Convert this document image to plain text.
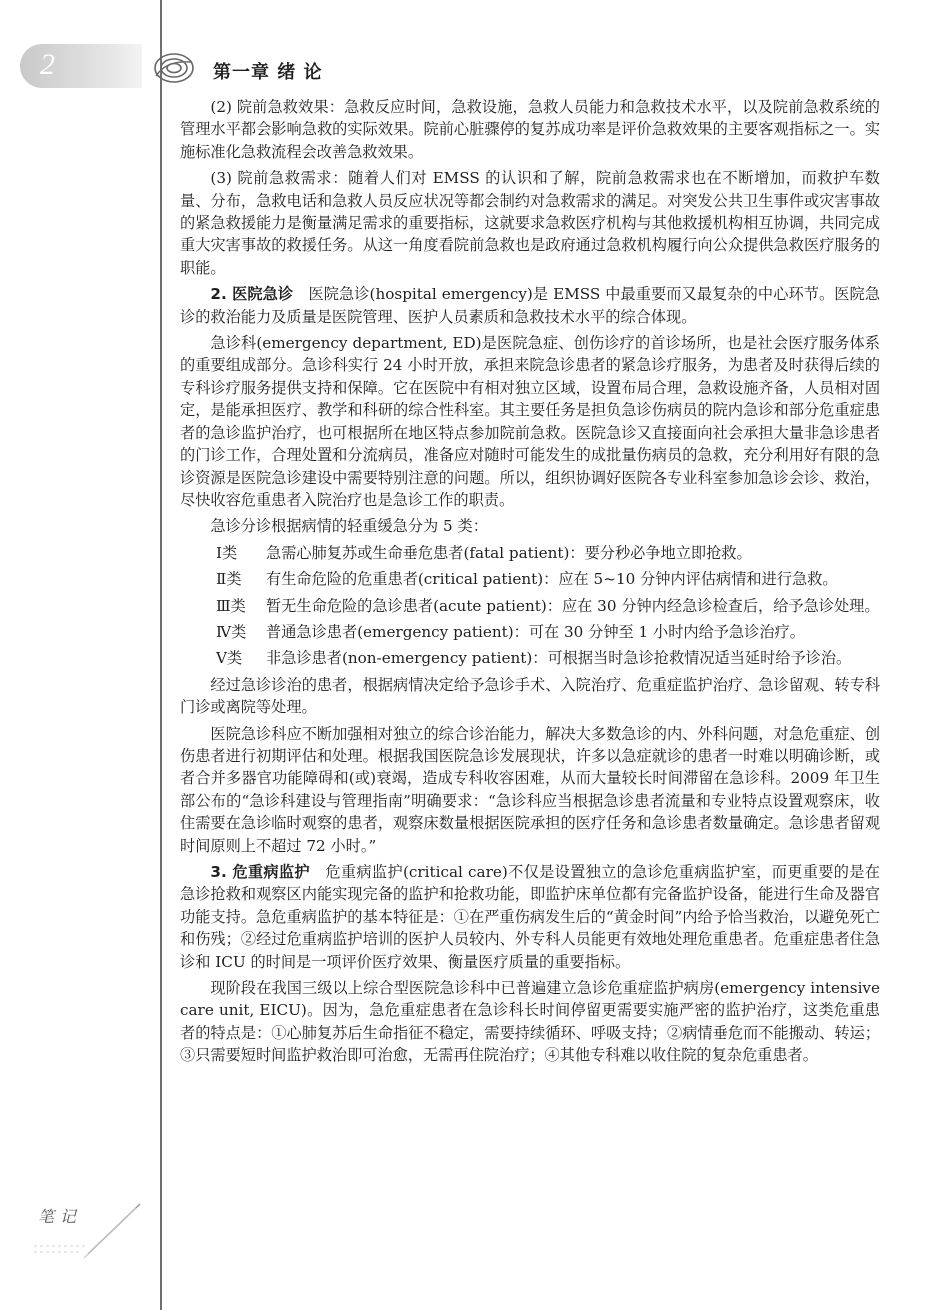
2	第一章 绪 论

(2) 院前急救效果：急救反应时间，急救设施，急救人员能力和急救技术水平，以及院前急救系统的管理水平都会影响急救的实际效果。院前心脏骤停的复苏成功率是评价急救效果的主要客观指标之一。实施标准化急救流程会改善急救效果。

(3) 院前急救需求：随着人们对 EMSS 的认识和了解，院前急救需求也在不断增加，而救护车数量、分布，急救电话和急救人员反应状况等都会制约对急救需求的满足。对突发公共卫生事件或灾害事故的紧急救援能力是衡量满足需求的重要指标，这就要求急救医疗机构与其他救援机构相互协调，共同完成重大灾害事故的救援任务。从这一角度看院前急救也是政府通过急救机构履行向公众提供急救医疗服务的职能。

2. 医院急诊　 医院急诊(hospital emergency)是 EMSS 中最重要而又最复杂的中心环节。医院急诊的救治能力及质量是医院管理、医护人员素质和急救技术水平的综合体现。

急诊科(emergency department, ED)是医院急症、创伤诊疗的首诊场所，也是社会医疗服务体系的重要组成部分。急诊科实行 24 小时开放，承担来院急诊患者的紧急诊疗服务，为患者及时获得后续的专科诊疗服务提供支持和保障。它在医院中有相对独立区域，设置布局合理，急救设施齐备，人员相对固定，是能承担医疗、教学和科研的综合性科室。其主要任务是担负急诊伤病员的院内急诊和部分危重症患者的急诊监护治疗，也可根据所在地区特点参加院前急救。医院急诊又直接面向社会承担大量非急诊患者的门诊工作，合理处置和分流病员，准备应对随时可能发生的成批量伤病员的急救，充分利用好有限的急诊资源是医院急诊建设中需要特别注意的问题。所以，组织协调好医院各专业科室参加急诊会诊、救治，尽快收容危重患者入院治疗也是急诊工作的职责。

急诊分诊根据病情的轻重缓急分为 5 类：

Ⅰ类	急需心肺复苏或生命垂危患者(fatal patient)：要分秒必争地立即抢救。
Ⅱ类	有生命危险的危重患者(critical patient)：应在 5~10 分钟内评估病情和进行急救。
Ⅲ类	暂无生命危险的急诊患者(acute patient)：应在 30 分钟内经急诊检查后，给予急诊处理。
Ⅳ类	普通急诊患者(emergency patient)：可在 30 分钟至 1 小时内给予急诊治疗。
Ⅴ类	非急诊患者(non-emergency patient)：可根据当时急诊抢救情况适当延时给予诊治。

经过急诊诊治的患者，根据病情决定给予急诊手术、入院治疗、危重症监护治疗、急诊留观、转专科门诊或离院等处理。

医院急诊科应不断加强相对独立的综合诊治能力，解决大多数急诊的内、外科问题，对急危重症、创伤患者进行初期评估和处理。根据我国医院急诊发展现状，许多以急症就诊的患者一时难以明确诊断，或者合并多器官功能障碍和(或)衰竭，造成专科收容困难，从而大量较长时间滞留在急诊科。2009 年卫生部公布的“急诊科建设与管理指南”明确要求：“急诊科应当根据急诊患者流量和专业特点设置观察床，收住需要在急诊临时观察的患者，观察床数量根据医院承担的医疗任务和急诊患者数量确定。急诊患者留观时间原则上不超过 72 小时。”

3. 危重病监护　 危重病监护(critical care)不仅是设置独立的急诊危重病监护室，而更重要的是在急诊抢救和观察区内能实现完备的监护和抢救功能，即监护床单位都有完备监护设备，能进行生命及器官功能支持。急危重病监护的基本特征是：①在严重伤病发生后的“黄金时间”内给予恰当救治，以避免死亡和伤残；②经过危重病监护培训的医护人员较内、外专科人员能更有效地处理危重患者。危重症患者住急诊和 ICU 的时间是一项评价医疗效果、衡量医疗质量的重要指标。

现阶段在我国三级以上综合型医院急诊科中已普遍建立急诊危重症监护病房(emergency intensive care unit, EICU)。因为，急危重症患者在急诊科长时间停留更需要实施严密的监护治疗，这类危重患者的特点是：①心肺复苏后生命指征不稳定，需要持续循环、呼吸支持；②病情垂危而不能搬动、转运；③只需要短时间监护救治即可治愈，无需再住院治疗；④其他专科难以收住院的复杂危重患者。

笔记
